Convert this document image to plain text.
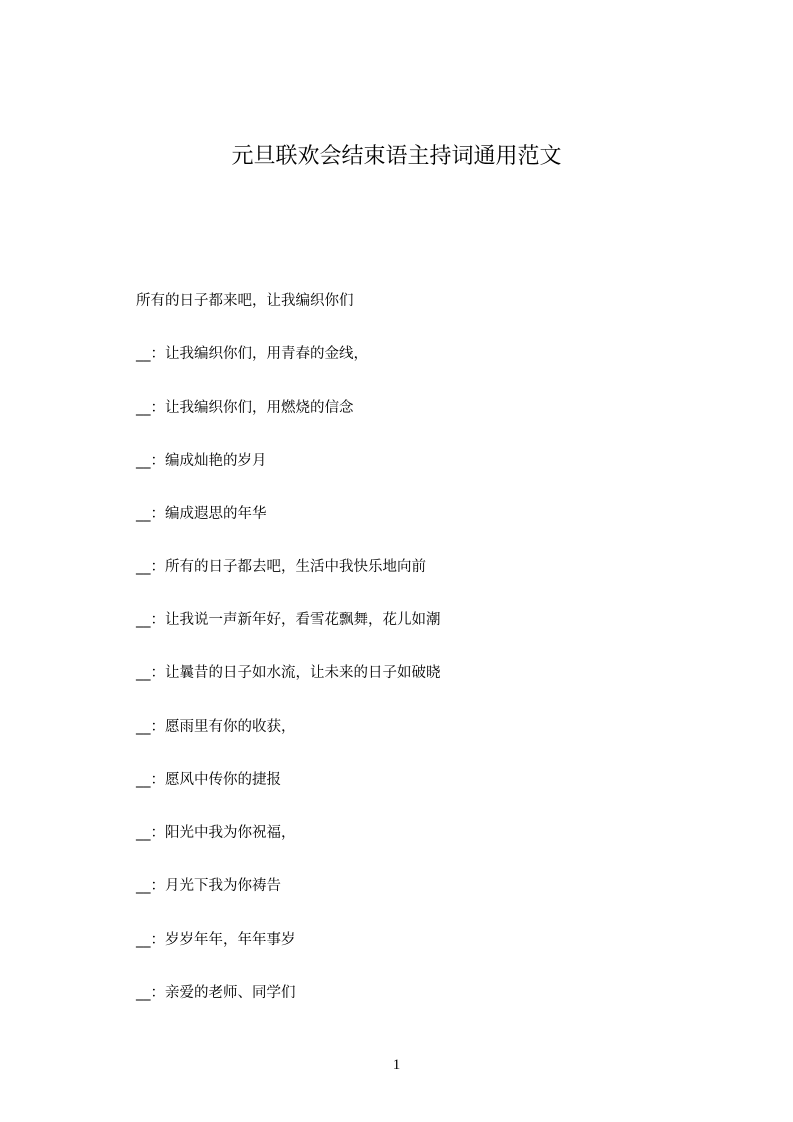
元旦联欢会结束语主持词通用范文
所有的日子都来吧，让我编织你们
__：让我编织你们，用青春的金线，
__：让我编织你们，用燃烧的信念
__：编成灿艳的岁月
__：编成遐思的年华
__：所有的日子都去吧，生活中我快乐地向前
__：让我说一声新年好，看雪花飘舞，花儿如潮
__：让曩昔的日子如水流，让未来的日子如破晓
__：愿雨里有你的收获，
__：愿风中传你的捷报
__：阳光中我为你祝福，
__：月光下我为你祷告
__：岁岁年年，年年事岁
__：亲爱的老师、同学们
1
